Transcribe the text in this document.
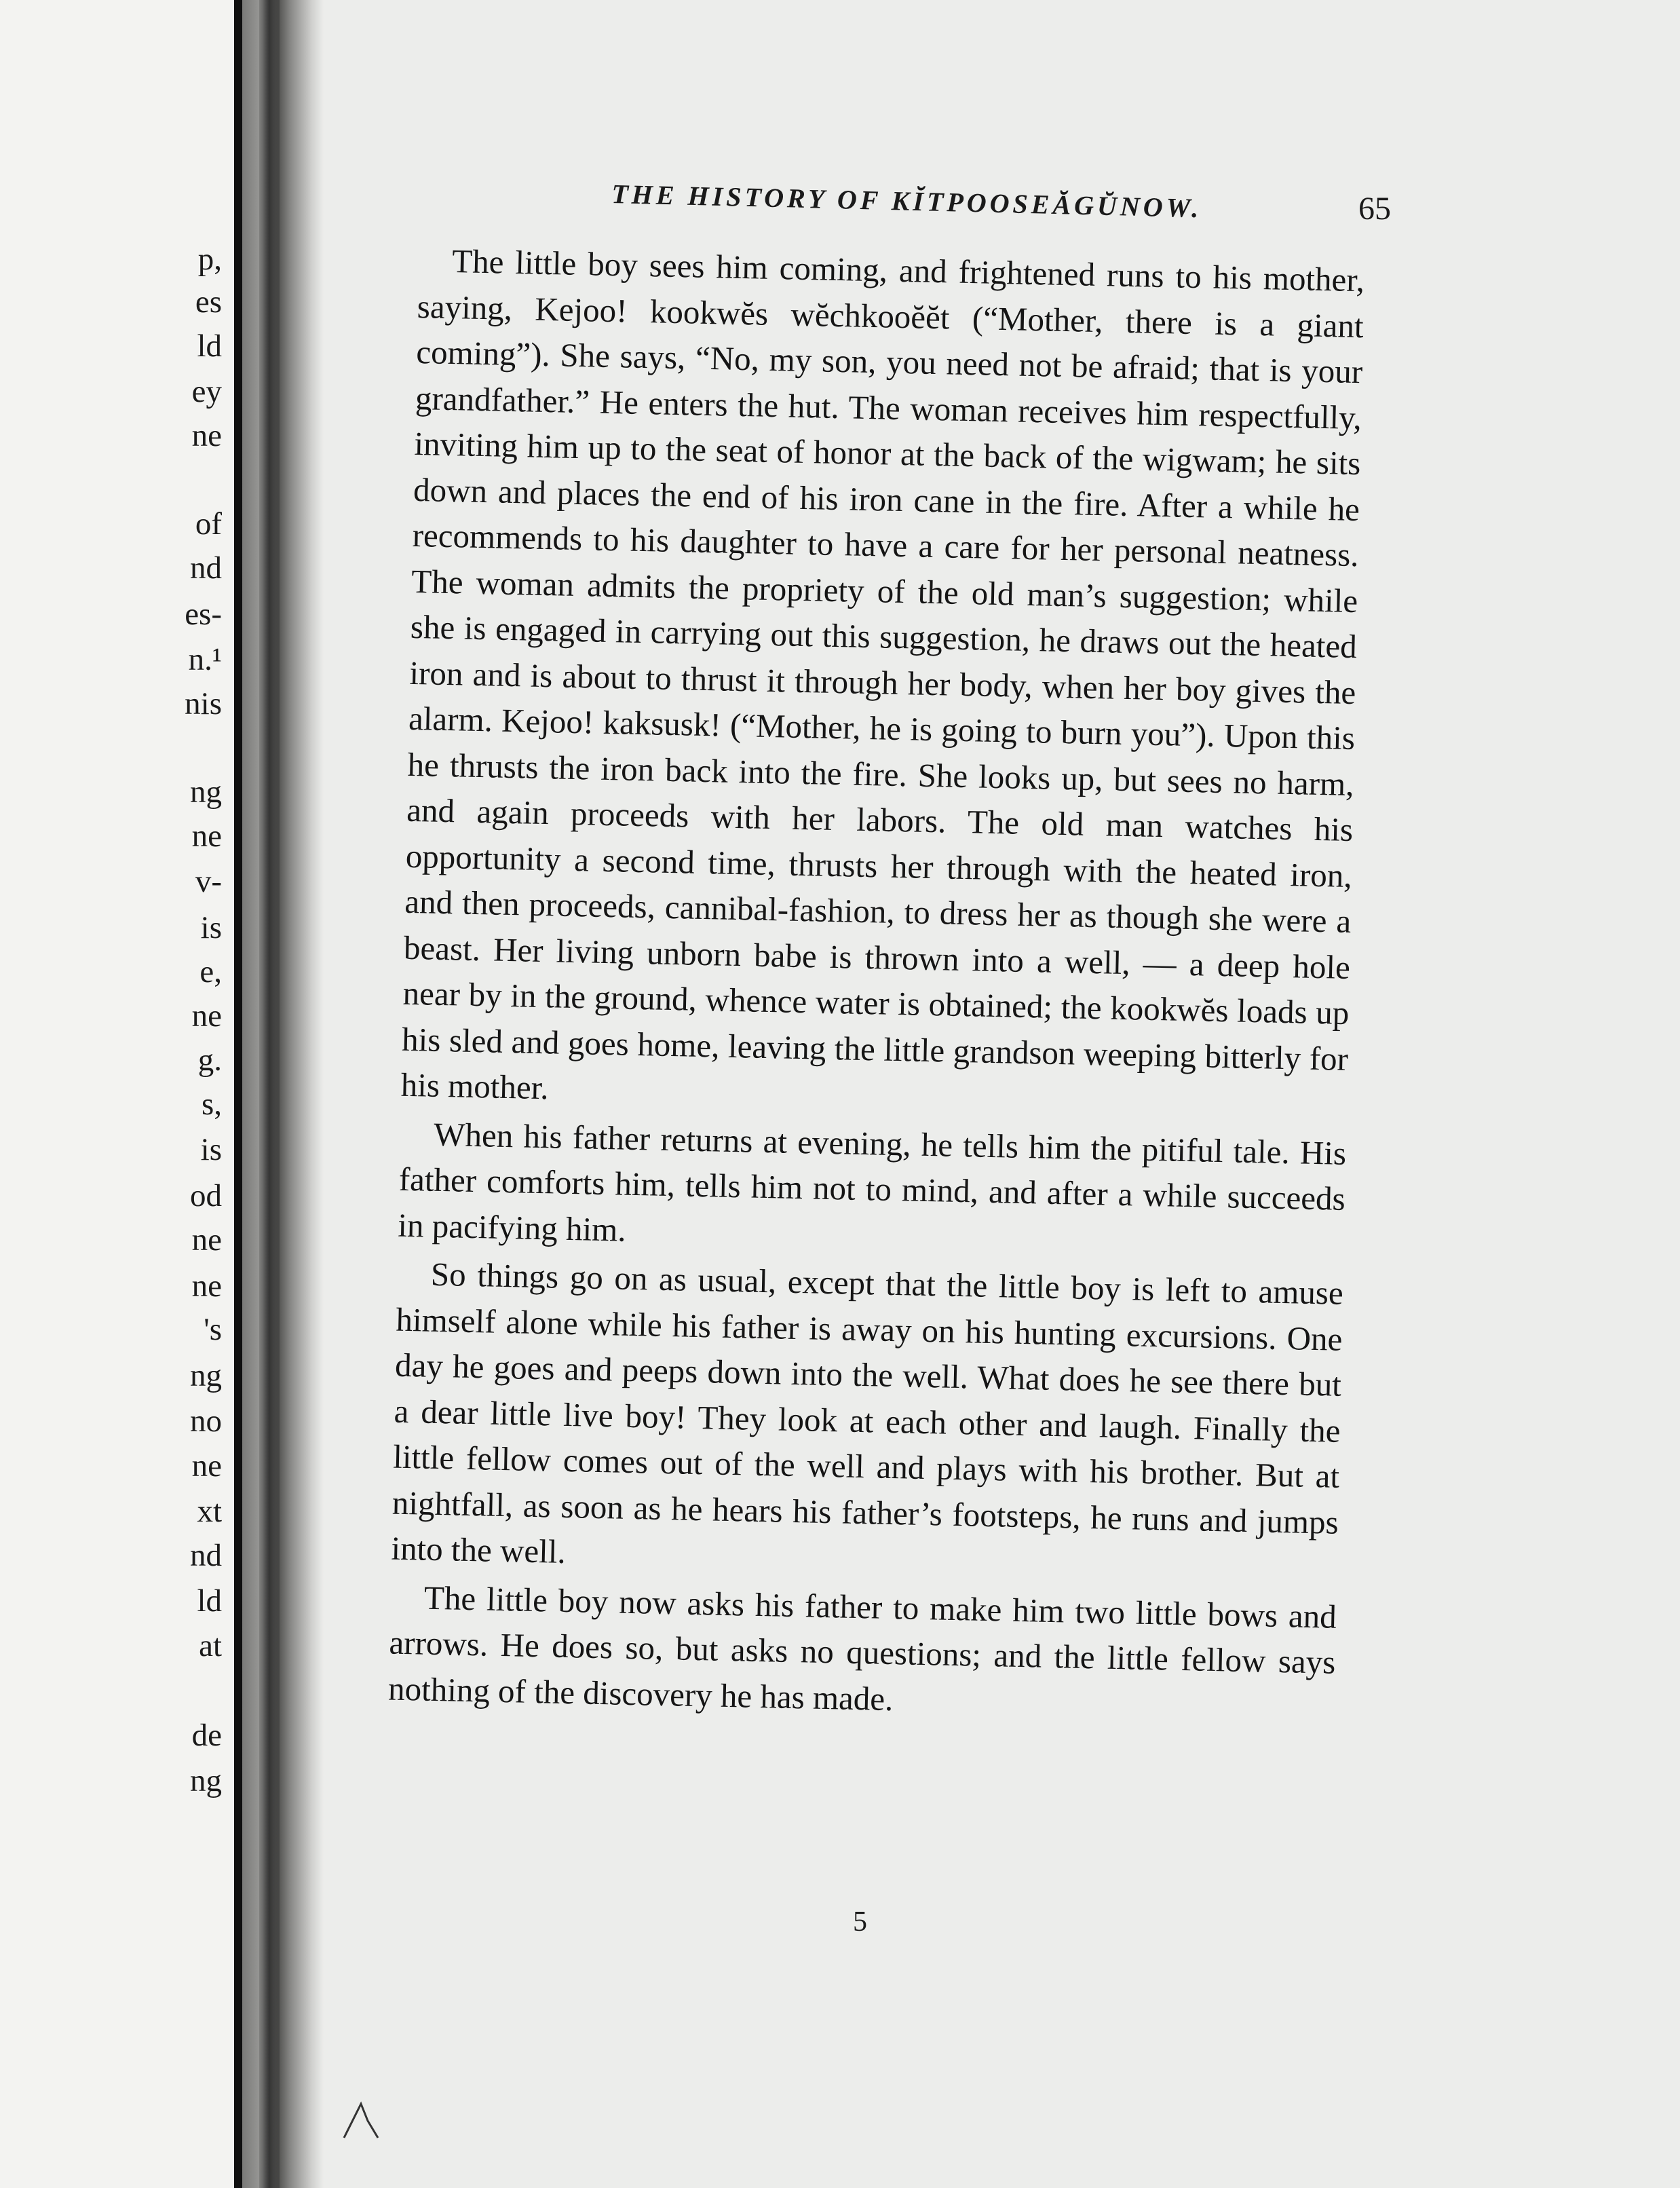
p,
es
ld
ey
ne
of
nd
es-
n.¹
nis
ng
ne
v-
is
e,
ne
g.
s,
is
od
ne
ne
's
ng
no
ne
xt
nd
ld
at
de
ng
THE HISTORY OF KĬTPOOSEĂGŬNOW.	65

The little boy sees him coming, and frightened runs to his mother, saying, Kejoo! kookwĕs wĕchkooĕĕt (“Mother, there is a giant coming”). She says, “No, my son, you need not be afraid; that is your grandfather.” He enters the hut. The woman receives him respectfully, inviting him up to the seat of honor at the back of the wigwam; he sits down and places the end of his iron cane in the fire. After a while he recommends to his daughter to have a care for her personal neatness. The woman admits the propriety of the old man’s suggestion; while she is engaged in carrying out this suggestion, he draws out the heated iron and is about to thrust it through her body, when her boy gives the alarm. Kejoo! kaksusk! (“Mother, he is going to burn you”). Upon this he thrusts the iron back into the fire. She looks up, but sees no harm, and again proceeds with her labors. The old man watches his opportunity a second time, thrusts her through with the heated iron, and then proceeds, cannibal-fashion, to dress her as though she were a beast. Her living unborn babe is thrown into a well, — a deep hole near by in the ground, whence water is obtained; the kookwĕs loads up his sled and goes home, leaving the little grandson weeping bitterly for his mother.

When his father returns at evening, he tells him the pitiful tale. His father comforts him, tells him not to mind, and after a while succeeds in pacifying him.

So things go on as usual, except that the little boy is left to amuse himself alone while his father is away on his hunting excursions. One day he goes and peeps down into the well. What does he see there but a dear little live boy! They look at each other and laugh. Finally the little fellow comes out of the well and plays with his brother. But at nightfall, as soon as he hears his father’s footsteps, he runs and jumps into the well.

The little boy now asks his father to make him two little bows and arrows. He does so, but asks no questions; and the little fellow says nothing of the discovery he has made.

5
